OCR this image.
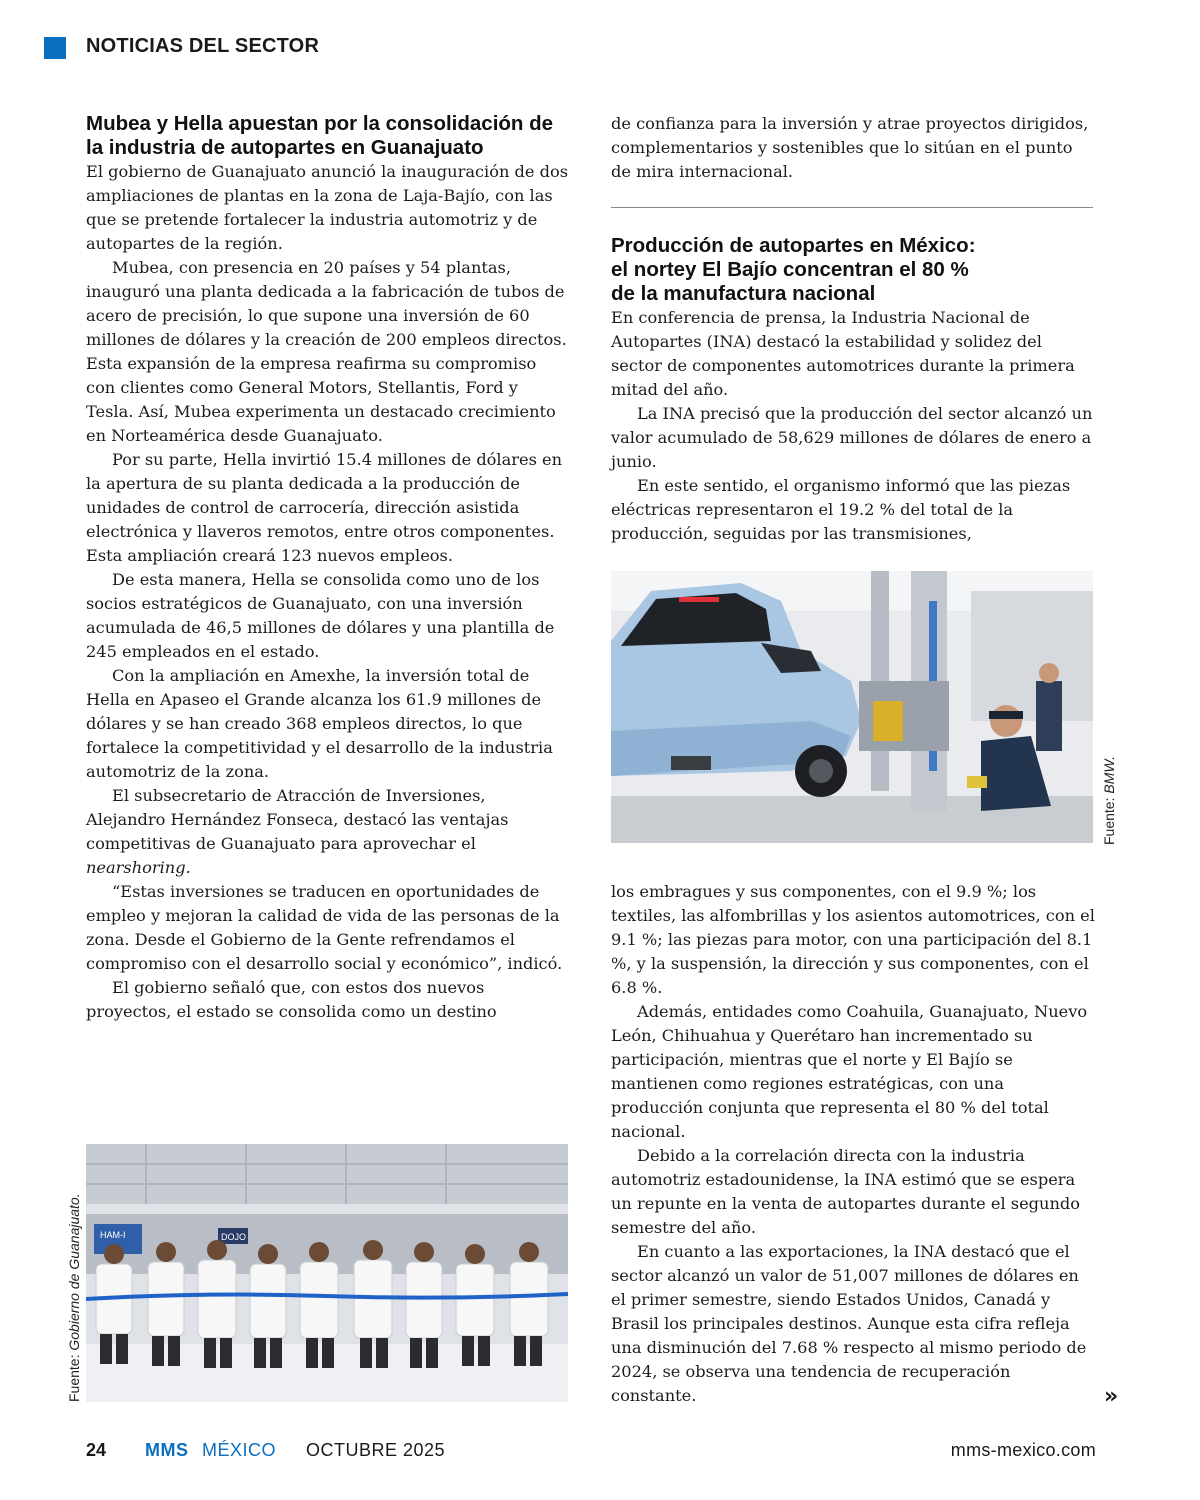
NOTICIAS DEL SECTOR
Mubea y Hella apuestan por la consolidación de la industria de autopartes en Guanajuato

El gobierno de Guanajuato anunció la inauguración de dos ampliaciones de plantas en la zona de Laja-Bajío, con las que se pretende fortalecer la industria automotriz y de autopartes de la región.

Mubea, con presencia en 20 países y 54 plantas, inauguró una planta dedicada a la fabricación de tubos de acero de precisión, lo que supone una inversión de 60 millones de dólares y la creación de 200 empleos directos. Esta expansión de la empresa reafirma su compromiso con clientes como General Motors, Stellantis, Ford y Tesla. Así, Mubea experimenta un destacado crecimiento en Norteamérica desde Guanajuato.

Por su parte, Hella invirtió 15.4 millones de dólares en la apertura de su planta dedicada a la producción de unidades de control de carrocería, dirección asistida electrónica y llaveros remotos, entre otros componentes. Esta ampliación creará 123 nuevos empleos.

De esta manera, Hella se consolida como uno de los socios estratégicos de Guanajuato, con una inversión acumulada de 46,5 millones de dólares y una plantilla de 245 empleados en el estado.

Con la ampliación en Amexhe, la inversión total de Hella en Apaseo el Grande alcanza los 61.9 millones de dólares y se han creado 368 empleos directos, lo que fortalece la competitividad y el desarrollo de la industria automotriz de la zona.

El subsecretario de Atracción de Inversiones, Alejandro Hernández Fonseca, destacó las ventajas competitivas de Guanajuato para aprovechar el nearshoring.

“Estas inversiones se traducen en oportunidades de empleo y mejoran la calidad de vida de las personas de la zona. Desde el Gobierno de la Gente refrendamos el compromiso con el desarrollo social y económico”, indicó.

El gobierno señaló que, con estos dos nuevos proyectos, el estado se consolida como un destino

de confianza para la inversión y atrae proyectos dirigidos, complementarios y sostenibles que lo sitúan en el punto de mira internacional.

Producción de autopartes en México:
el nortey El Bajío concentran el 80 %
de la manufactura nacional

En conferencia de prensa, la Industria Nacional de Autopartes (INA) destacó la estabilidad y solidez del sector de componentes automotrices durante la primera mitad del año.

La INA precisó que la producción del sector alcanzó un valor acumulado de 58,629 millones de dólares de enero a junio.

En este sentido, el organismo informó que las piezas eléctricas representaron el 19.2 % del total de la producción, seguidas por las transmisiones,

Fuente: BMW.

los embragues y sus componentes, con el 9.9 %; los textiles, las alfombrillas y los asientos automotrices, con el 9.1 %; las piezas para motor, con una participación del 8.1 %, y la suspensión, la dirección y sus componentes, con el 6.8 %.

Además, entidades como Coahuila, Guanajuato, Nuevo León, Chihuahua y Querétaro han incrementado su participación, mientras que el norte y El Bajío se mantienen como regiones estratégicas, con una producción conjunta que representa el 80 % del total nacional.

Debido a la correlación directa con la industria automotriz estadounidense, la INA estimó que se espera un repunte en la venta de autopartes durante el segundo semestre del año.

En cuanto a las exportaciones, la INA destacó que el sector alcanzó un valor de 51,007 millones de dólares en el primer semestre, siendo Estados Unidos, Canadá y Brasil los principales destinos. Aunque esta cifra refleja una disminución del 7.68 % respecto al mismo periodo de 2024, se observa una tendencia de recuperación constante.

HAM-I	DOJO
Fuente: Gobierno de Guanajuato.
»
24 MMS MÉXICO OCTUBRE 2025	mms-mexico.com
